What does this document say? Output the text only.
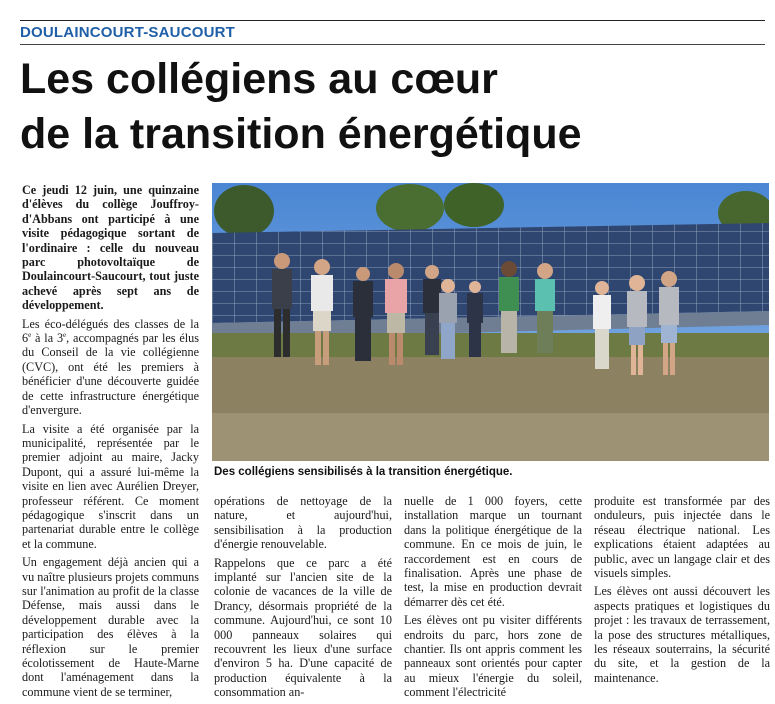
DOULAINCOURT-SAUCOURT
Les collégiens au cœur
de la transition énergétique

Ce jeudi 12 juin, une quinzaine d'élèves du collège Jouffroy-d'Abbans ont participé à une visite pédagogique sortant de l'ordinaire : celle du nouveau parc photovoltaïque de Doulaincourt-Saucourt, tout juste achevé après sept ans de développement.

Les éco-délégués des classes de la 6e à la 3e, accompagnés par les élus du Conseil de la vie collégienne (CVC), ont été les premiers à bénéficier d'une découverte guidée de cette infrastructure énergétique d'envergure.

La visite a été organisée par la municipalité, représentée par le premier adjoint au maire, Jacky Dupont, qui a assuré lui-même la visite en lien avec Aurélien Dreyer, professeur référent. Ce moment pédagogique s'inscrit dans un partenariat durable entre le collège et la commune.

Un engagement déjà ancien qui a vu naître plusieurs projets communs sur l'animation au profit de la classe Défense, mais aussi dans le développement durable avec la participation des élèves à la réflexion sur le premier écolotissement de Haute-Marne dont l'aménagement dans la commune vient de se terminer,

Des collégiens sensibilisés à la transition énergétique.

opérations de nettoyage de la nature, et aujourd'hui, sensibilisation à la production d'énergie renouvelable.

Rappelons que ce parc a été implanté sur l'ancien site de la colonie de vacances de la ville de Drancy, désormais propriété de la commune. Aujourd'hui, ce sont 10 000 panneaux solaires qui recouvrent les lieux d'une surface d'environ 5 ha. D'une capacité de production équivalente à la consommation an-

nuelle de 1 000 foyers, cette installation marque un tournant dans la politique énergétique de la commune. En ce mois de juin, le raccordement est en cours de finalisation. Après une phase de test, la mise en production devrait démarrer dès cet été.

Les élèves ont pu visiter différents endroits du parc, hors zone de chantier. Ils ont appris comment les panneaux sont orientés pour capter au mieux l'énergie du soleil, comment l'électricité

produite est transformée par des onduleurs, puis injectée dans le réseau électrique national. Les explications étaient adaptées au public, avec un langage clair et des visuels simples.

Les élèves ont aussi découvert les aspects pratiques et logistiques du projet : les travaux de terrassement, la pose des structures métalliques, les réseaux souterrains, la sécurité du site, et la gestion de la maintenance.
